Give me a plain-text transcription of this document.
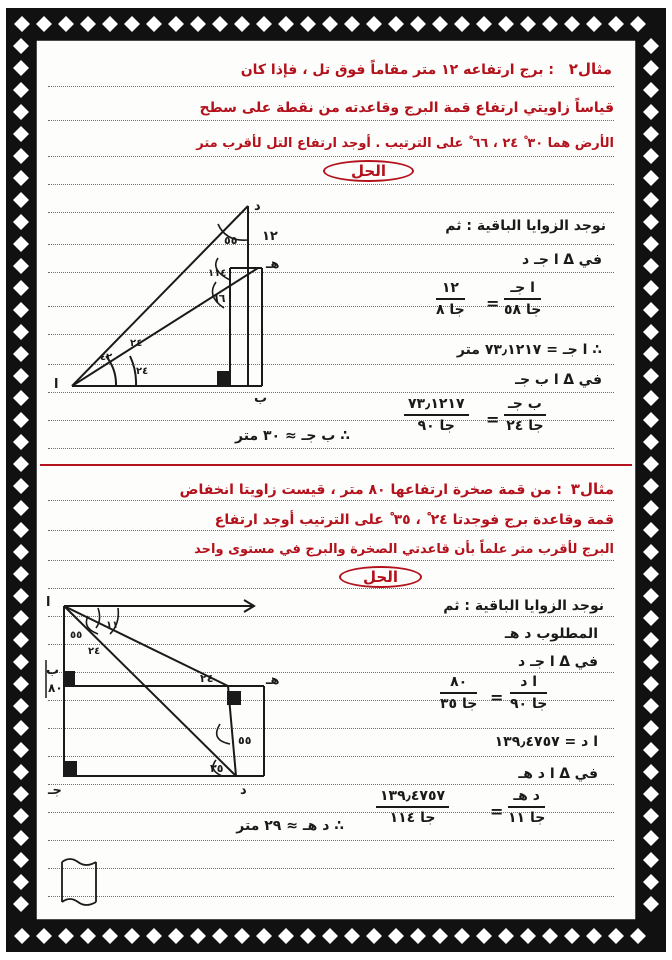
مثال٢
: برج ارتفاعه ١٢ متر مقاماً فوق تل ، فإذا كان
قياساً زاويتي ارتفاع قمة البرج وقاعدته من نقطة على سطح
الأرض هما ٣٠ ْ ٢٤ ، ٦٦ ْ على الترتيب . أوجد ارتفاع التل لأقرب متر
الحل
نوجد الزوايا الباقية : ثم
في Δ ا جـ د
ا جـ
جا ٥٨
=
١٢
جا ٨
∴ ا جـ = ٧٣٫١٢١٧ متر
في Δ ا ب جـ
ب جـ
جا ٢٤
=
٧٣٫١٢١٧
جا ٩٠
∴ ب جـ ≈ ٣٠ متر
د
هـ
ب
ا
١٢
٥٥
١١٤
٦٦
٢٤
٤٢
٢٤
مثال٣
: من قمة صخرة ارتفاعها ٨٠ متر ، قيست زاويتا انخفاض
قمة وقاعدة برج فوجدتا ٢٤ ْ ، ٣٥ ْ على الترتيب أوجد ارتفاع
البرج لأقرب متر علماً بأن قاعدتي الصخرة والبرج في مستوى واحد
الحل
نوجد الزوايا الباقية : ثم
المطلوب د هـ
في Δ ا جـ د
ا د
جا ٩٠
=
٨٠
جا ٣٥
ا د = ١٣٩٫٤٧٥٧
في Δ ا د هـ
د هـ
جا ١١
=
١٣٩٫٤٧٥٧
جا ١١٤
∴ د هـ ≈ ٢٩ متر
ا
ب
جـ	د
هـ
٨٠
٥٥
١١
٢٤
٢٤
٥٥
٣٥
